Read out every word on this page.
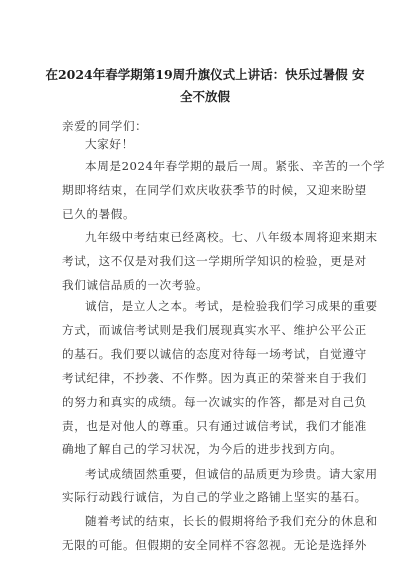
在2024年春学期第19周升旗仪式上讲话：快乐过暑假 安
全不放假
亲爱的同学们：
大家好！
本周是2024年春学期的最后一周。紧张、辛苦的一个学
期即将结束，在同学们欢庆收获季节的时候，又迎来盼望
已久的暑假。
九年级中考结束已经离校。七、八年级本周将迎来期末
考试，这不仅是对我们这一学期所学知识的检验，更是对
我们诚信品质的一次考验。
诚信，是立人之本。考试，是检验我们学习成果的重要
方式，而诚信考试则是我们展现真实水平、维护公平公正
的基石。我们要以诚信的态度对待每一场考试，自觉遵守
考试纪律，不抄袭、不作弊。因为真正的荣誉来自于我们
的努力和真实的成绩。每一次诚实的作答，都是对自己负
责，也是对他人的尊重。只有通过诚信考试，我们才能准
确地了解自己的学习状况，为今后的进步找到方向。
考试成绩固然重要，但诚信的品质更为珍贵。请大家用
实际行动践行诚信，为自己的学业之路铺上坚实的基石。
随着考试的结束，长长的假期将给予我们充分的休息和
无限的可能。但假期的安全同样不容忽视。无论是选择外
